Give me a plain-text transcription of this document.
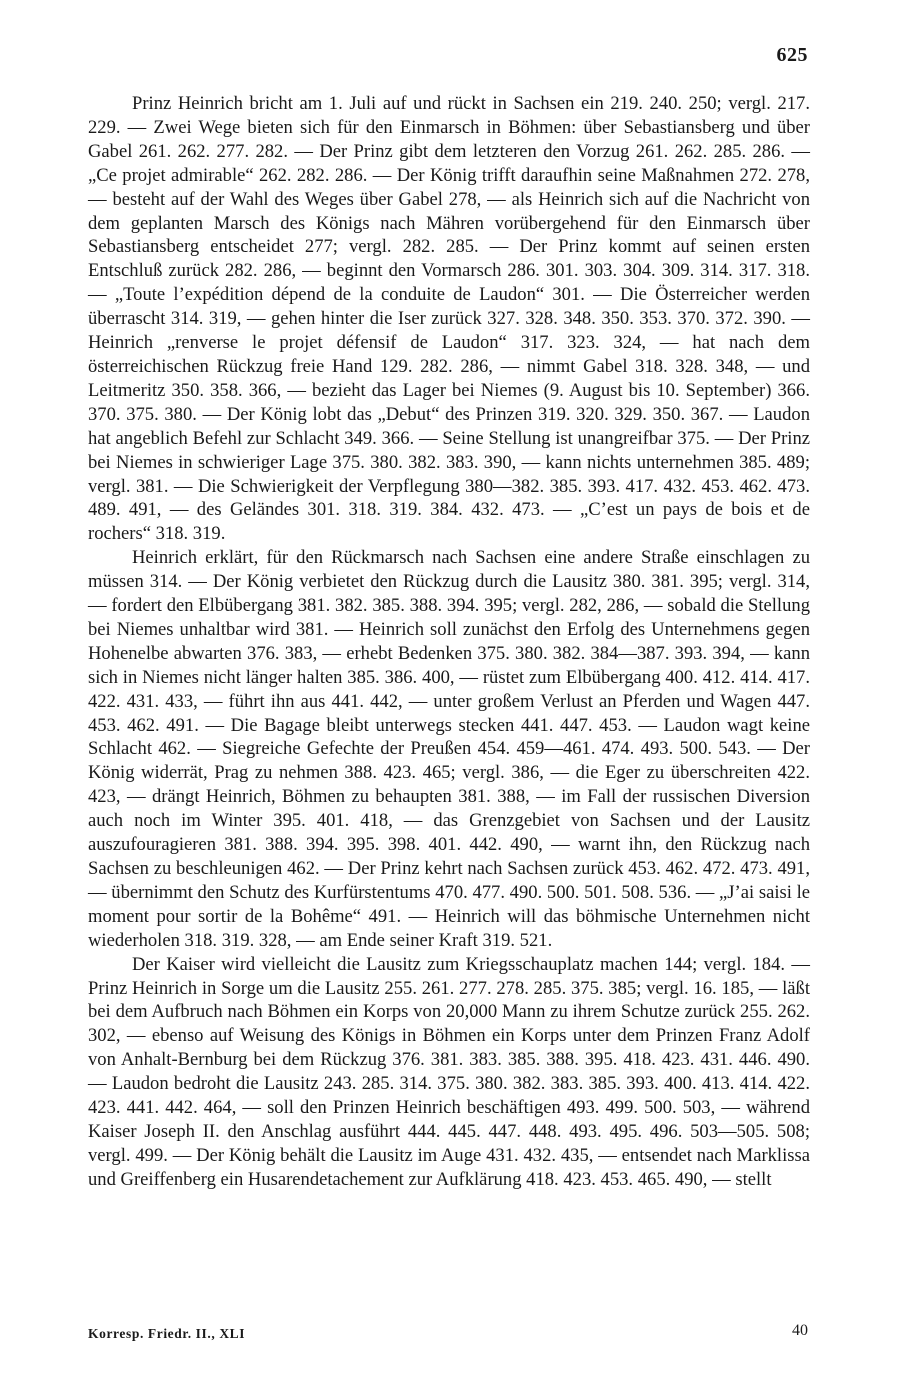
625

Prinz Heinrich bricht am 1. Juli auf und rückt in Sachsen ein 219. 240. 250; vergl. 217. 229. — Zwei Wege bieten sich für den Einmarsch in Böhmen: über Sebastiansberg und über Gabel 261. 262. 277. 282. — Der Prinz gibt dem letzteren den Vorzug 261. 262. 285. 286. — „Ce projet admirable“ 262. 282. 286. — Der König trifft daraufhin seine Maßnahmen 272. 278, — besteht auf der Wahl des Weges über Gabel 278, — als Heinrich sich auf die Nachricht von dem geplanten Marsch des Königs nach Mähren vorübergehend für den Einmarsch über Sebastiansberg entscheidet 277; vergl. 282. 285. — Der Prinz kommt auf seinen ersten Entschluß zurück 282. 286, — beginnt den Vormarsch 286. 301. 303. 304. 309. 314. 317. 318. — „Toute l’expédition dépend de la conduite de Laudon“ 301. — Die Österreicher werden überrascht 314. 319, — gehen hinter die Iser zurück 327. 328. 348. 350. 353. 370. 372. 390. — Heinrich „renverse le projet défensif de Laudon“ 317. 323. 324, — hat nach dem österreichischen Rückzug freie Hand 129. 282. 286, — nimmt Gabel 318. 328. 348, — und Leitmeritz 350. 358. 366, — bezieht das Lager bei Niemes (9. August bis 10. September) 366. 370. 375. 380. — Der König lobt das „Debut“ des Prinzen 319. 320. 329. 350. 367. — Laudon hat angeblich Befehl zur Schlacht 349. 366. — Seine Stellung ist unangreifbar 375. — Der Prinz bei Niemes in schwieriger Lage 375. 380. 382. 383. 390, — kann nichts unternehmen 385. 489; vergl. 381. — Die Schwierigkeit der Verpflegung 380—382. 385. 393. 417. 432. 453. 462. 473. 489. 491, — des Geländes 301. 318. 319. 384. 432. 473. — „C’est un pays de bois et de rochers“ 318. 319.

Heinrich erklärt, für den Rückmarsch nach Sachsen eine andere Straße einschlagen zu müssen 314. — Der König verbietet den Rückzug durch die Lausitz 380. 381. 395; vergl. 314, — fordert den Elbübergang 381. 382. 385. 388. 394. 395; vergl. 282, 286, — sobald die Stellung bei Niemes unhaltbar wird 381. — Heinrich soll zunächst den Erfolg des Unternehmens gegen Hohenelbe abwarten 376. 383, — erhebt Bedenken 375. 380. 382. 384—387. 393. 394, — kann sich in Niemes nicht länger halten 385. 386. 400, — rüstet zum Elbübergang 400. 412. 414. 417. 422. 431. 433, — führt ihn aus 441. 442, — unter großem Verlust an Pferden und Wagen 447. 453. 462. 491. — Die Bagage bleibt unterwegs stecken 441. 447. 453. — Laudon wagt keine Schlacht 462. — Siegreiche Gefechte der Preußen 454. 459—461. 474. 493. 500. 543. — Der König widerrät, Prag zu nehmen 388. 423. 465; vergl. 386, — die Eger zu überschreiten 422. 423, — drängt Heinrich, Böhmen zu behaupten 381. 388, — im Fall der russischen Diversion auch noch im Winter 395. 401. 418, — das Grenzgebiet von Sachsen und der Lausitz auszufouragieren 381. 388. 394. 395. 398. 401. 442. 490, — warnt ihn, den Rückzug nach Sachsen zu beschleunigen 462. — Der Prinz kehrt nach Sachsen zurück 453. 462. 472. 473. 491, — übernimmt den Schutz des Kurfürstentums 470. 477. 490. 500. 501. 508. 536. — „J’ai saisi le moment pour sortir de la Bohême“ 491. — Heinrich will das böhmische Unternehmen nicht wiederholen 318. 319. 328, — am Ende seiner Kraft 319. 521.

Der Kaiser wird vielleicht die Lausitz zum Kriegsschauplatz machen 144; vergl. 184. — Prinz Heinrich in Sorge um die Lausitz 255. 261. 277. 278. 285. 375. 385; vergl. 16. 185, — läßt bei dem Aufbruch nach Böhmen ein Korps von 20,000 Mann zu ihrem Schutze zurück 255. 262. 302, — ebenso auf Weisung des Königs in Böhmen ein Korps unter dem Prinzen Franz Adolf von Anhalt-Bernburg bei dem Rückzug 376. 381. 383. 385. 388. 395. 418. 423. 431. 446. 490. — Laudon bedroht die Lausitz 243. 285. 314. 375. 380. 382. 383. 385. 393. 400. 413. 414. 422. 423. 441. 442. 464, — soll den Prinzen Heinrich beschäftigen 493. 499. 500. 503, — während Kaiser Joseph II. den Anschlag ausführt 444. 445. 447. 448. 493. 495. 496. 503—505. 508; vergl. 499. — Der König behält die Lausitz im Auge 431. 432. 435, — entsendet nach Marklissa und Greiffenberg ein Husarendetachement zur Aufklärung 418. 423. 453. 465. 490, — stellt

Korresp. Friedr. II., XLI	40
